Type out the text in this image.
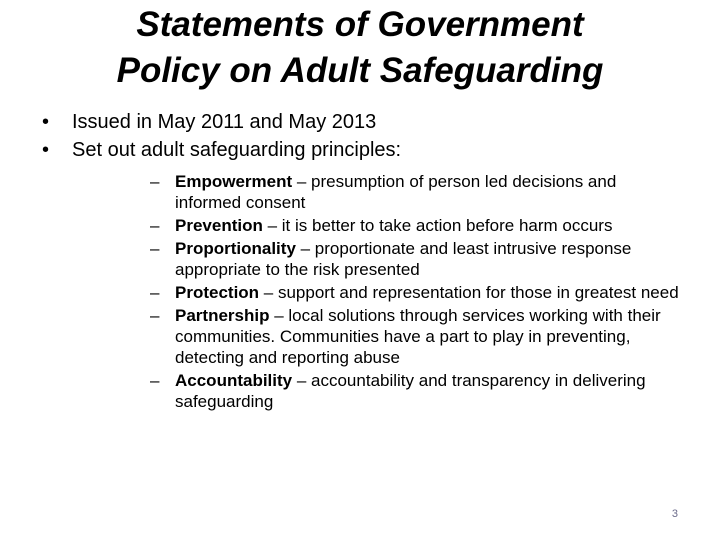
Statements of Government
Policy on Adult Safeguarding
• Issued in May 2011 and May 2013
• Set out adult safeguarding principles:
– Empowerment – presumption of person led decisions and informed consent
– Prevention – it is better to take action before harm occurs
– Proportionality – proportionate and least intrusive response appropriate to the risk presented
– Protection – support and representation for those in greatest need
– Partnership – local solutions through services working with their communities. Communities have a part to play in preventing, detecting and reporting abuse
– Accountability – accountability and transparency in delivering safeguarding
3
